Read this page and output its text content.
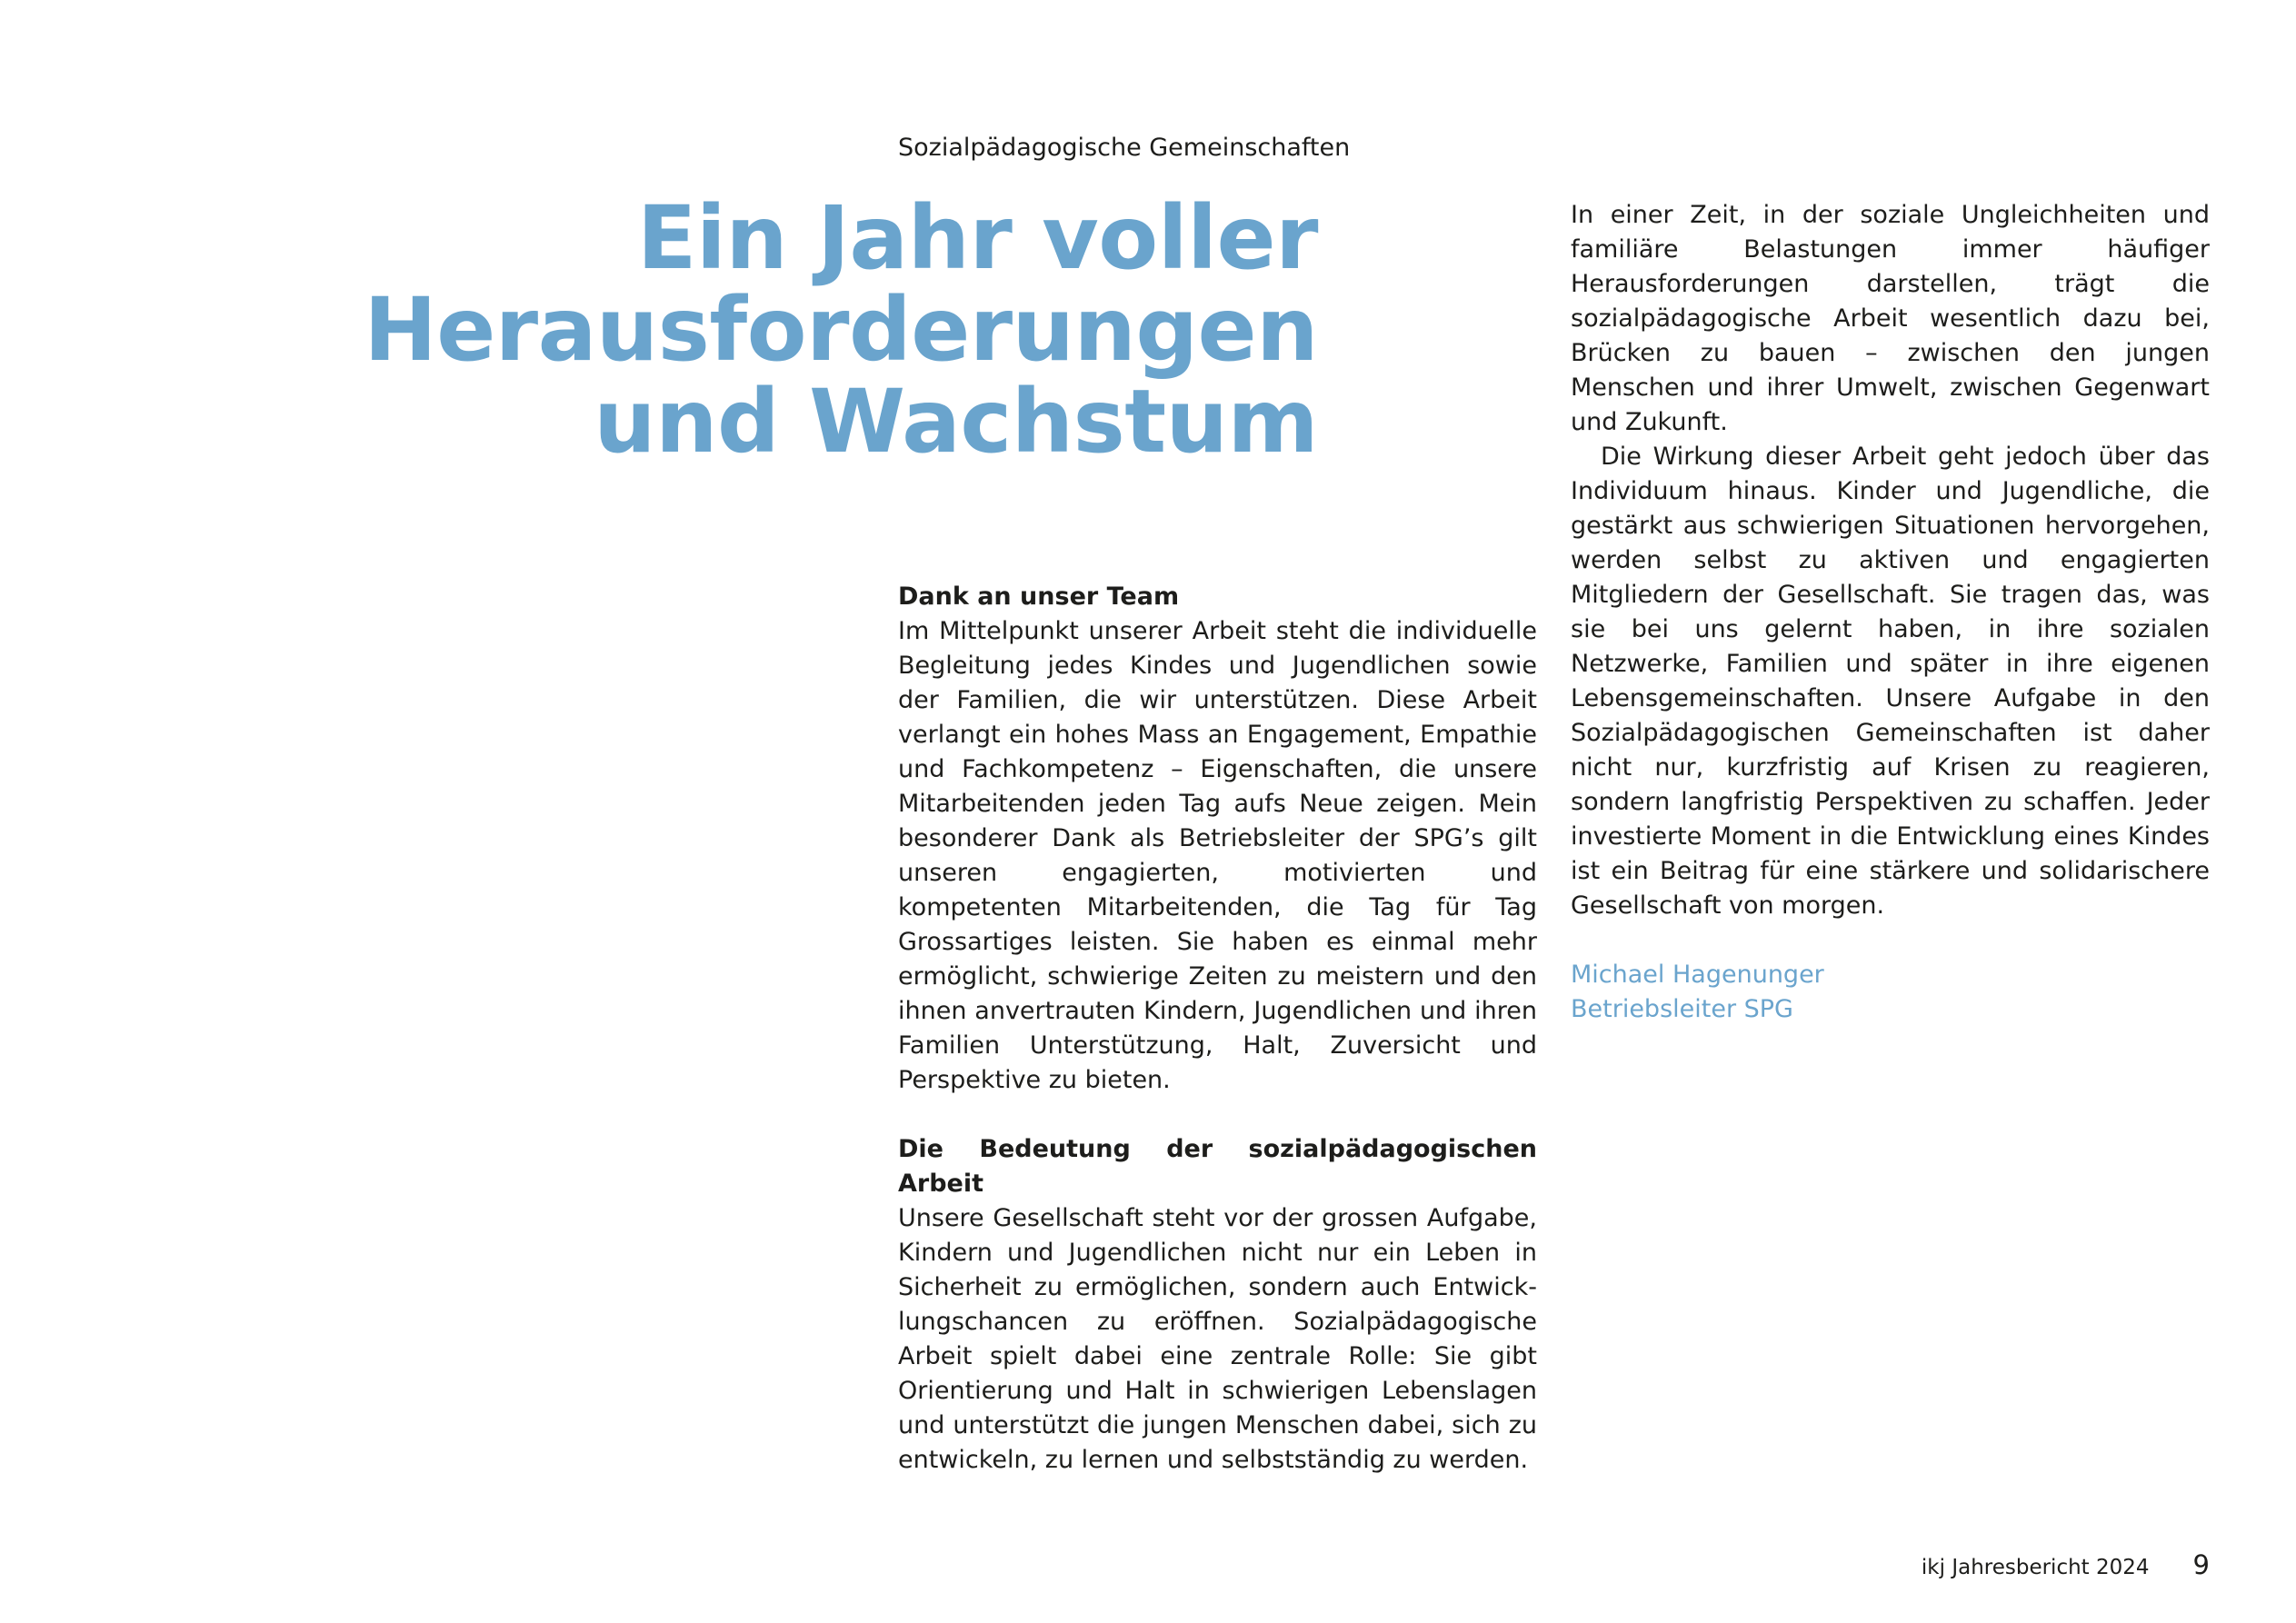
Sozialpädagogische Gemeinschaften
Ein Jahr voller
Herausforderungen
und Wachstum
Dank an unser Team

Im Mittelpunkt unserer Arbeit steht die individuelle Begleitung jedes Kindes und Jugendlichen sowie der Familien, die wir unterstützen. Diese Arbeit verlangt ein hohes Mass an Engagement, Empathie und Fachkompetenz – Eigenschaften, die unsere Mitarbeitenden jeden Tag aufs Neue zeigen. Mein besonderer Dank als Betriebsleiter der SPG’s gilt unseren engagierten, motivierten und kompetenten Mitarbeitenden, die Tag für Tag Grossartiges leisten. Sie haben es einmal mehr ermöglicht, schwierige Zeiten zu meistern und den ihnen anvertrauten Kindern, Jugendlichen und ihren Familien Unterstützung, Halt, Zuversicht und Perspektive zu bieten.

Die Bedeutung der sozialpädagogischen Arbeit

Unsere Gesellschaft steht vor der grossen Aufgabe, Kindern und Jugendlichen nicht nur ein Leben in Sicherheit zu ermöglichen, sondern auch Entwicklungschancen zu eröffnen. Sozialpädagogische Arbeit spielt dabei eine zentrale Rolle: Sie gibt Orientierung und Halt in schwierigen Lebenslagen und unterstützt die jungen Menschen dabei, sich zu entwickeln, zu lernen und selbstständig zu werden.

In einer Zeit, in der soziale Ungleichheiten und familiäre Belastungen immer häufiger Herausforderungen darstellen, trägt die sozialpädagogische Arbeit wesentlich dazu bei, Brücken zu bauen – zwischen den jungen Menschen und ihrer Umwelt, zwischen Gegenwart und Zukunft.

Die Wirkung dieser Arbeit geht jedoch über das Individuum hinaus. Kinder und Jugendliche, die gestärkt aus schwierigen Situationen hervorgehen, werden selbst zu aktiven und engagierten Mitgliedern der Gesellschaft. Sie tragen das, was sie bei uns gelernt haben, in ihre sozialen Netzwerke, Familien und später in ihre eigenen Lebensgemeinschaften. Unsere Aufgabe in den Sozialpädagogischen Gemeinschaften ist daher nicht nur, kurzfristig auf Krisen zu reagieren, sondern langfristig Perspektiven zu schaffen. Jeder investierte Moment in die Entwicklung eines Kindes ist ein Beitrag für eine stärkere und solidarischere Gesellschaft von morgen.

Michael Hagenunger
Betriebsleiter SPG
ikj Jahresbericht 2024 9
